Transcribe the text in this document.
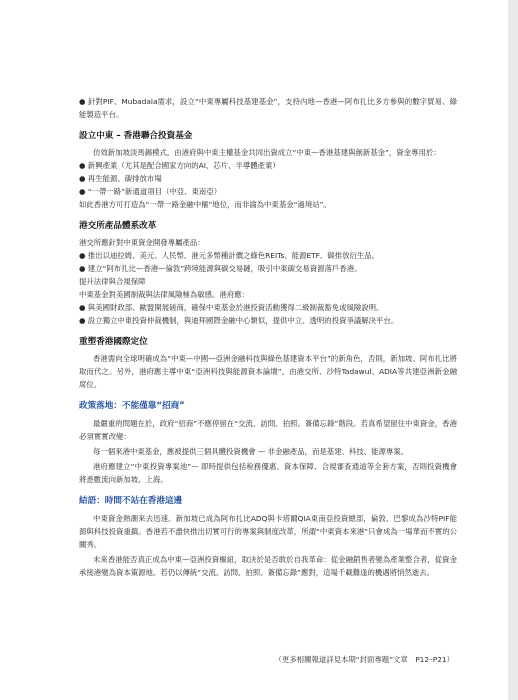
● 針對PIF、Mubadala需求，設立“中東專屬科技基建基金”，支持內地—香港—阿布扎比多方參與的數字貿易、綠能製造平台。

設立中東 – 香港聯合投資基金

仿效新加坡淡馬錫模式，由港府與中東主權基金共同出資成立“中東—香港基建與創新基金”，資金專用於：

● 新興產業（尤其是配合國家方向的AI、芯片、半導體產業）

● 再生能源、碳排放市場

● “一帶一路”新通道項目（中亞、東南亞）

如此香港方可打造為“一帶一路金融中樞”地位，而非淪為中東基金“過境站”。

港交所產品體系改革

港交所應針對中東資金開發專屬產品：

● 推出以迪拉姆、美元、人民幣、港元多幣種計價之綠色REITs、能源ETF、碳排放衍生品。

● 建立“阿布扎比—香港—倫敦”跨境能源與碳交易鏈，吸引中東碳交易資源落戶香港。

提升法律與合規保障

中東基金對美國制裁與法律風險極為敏感。港府應：

● 與美國財政部、歐盟開展磋商，確保中東基金於港投資活動獲得二級制裁豁免或風險說明。

● 設立獨立中東投資仲裁機制，與迪拜國際金融中心類似，提供中立、透明的投資爭議解決平台。

重塑香港國際定位

香港需向全球明確成為“中東—中國—亞洲金融科技與綠色基建資本平台”的新角色，否則，新加坡、阿布扎比將取而代之。另外，港府應主導中東“亞洲科技與能源資本論壇”，由港交所、沙特Tadawul、ADIA等共建亞洲新金融席位。

政策落地：不能僅靠“招商”

最嚴重的問題在於，政府“招商”不應停留在“交流、訪問、拍照、簽備忘錄”階段。若真希望留住中東資金，香港必須實實改變：

每一個來港中東基金，應被提供三個具體投資機會 — 非金融產品，而是基建、科技、能源專案。

港府應建立“中東投資專案池”— 即時提供包括稅務優惠、資本保障、合規審查通道等全套方案，否則投資機會將悉數流向新加坡、上海。

結語：時間不站在香港這邊

中東資金熱潮來去迅速。新加坡已成為阿布扎比ADQ與卡塔爾QIA東南亞投資總部，倫敦、巴黎成為沙特PIF能源與科技投資重鎮。香港若不盡快推出切實可行的專案與制度改革，所謂“中東資本來港”只會成為一場華而不實的公關秀。

未來香港能否真正成為中東—亞洲投資樞紐，取決於是否敢於自我革命：從金融銷售者變為產業整合者，從資金承接港變為資本策源地。若仍以傳統“交流、訪問、拍照、簽備忘錄”應對，這場千載難逢的機遇將悄然逝去。

（更多相關報道詳見本期“封面專題”文章　P12–P21）
